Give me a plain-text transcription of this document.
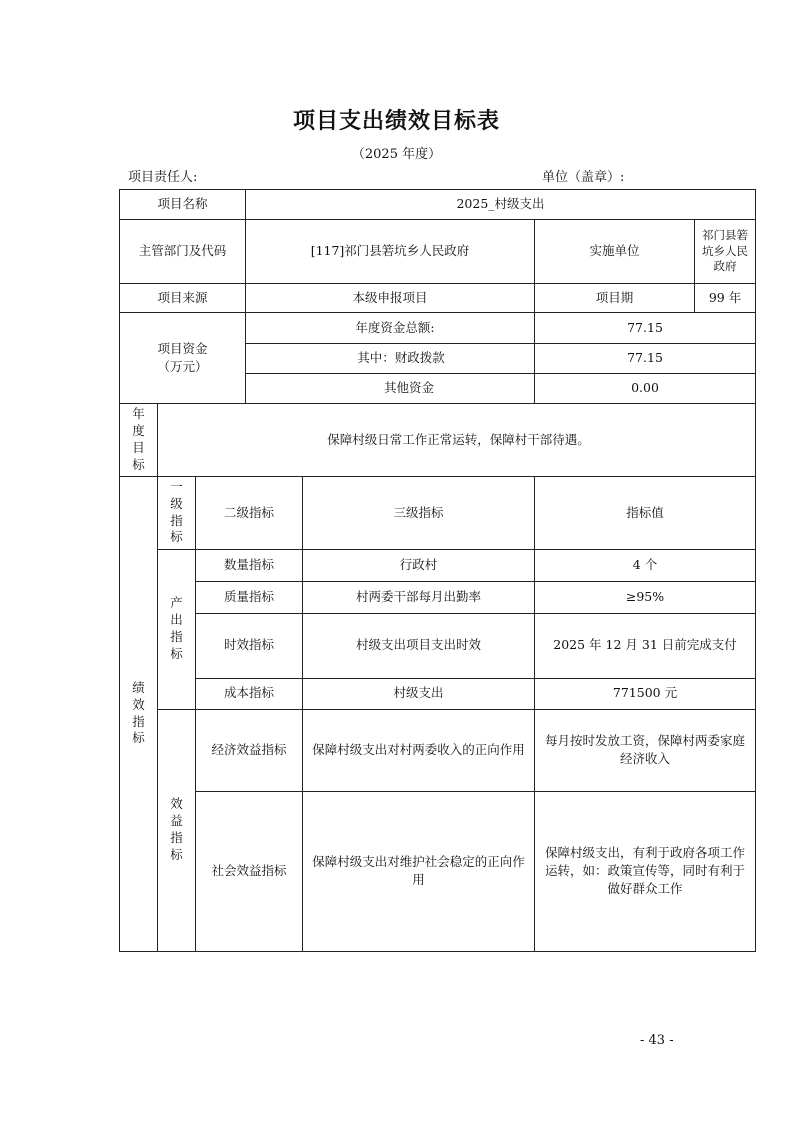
项目支出绩效目标表
（2025 年度）
项目责任人:	单位（盖章）:
项目名称			2025_村级支出			
主管部门及代码			[117]祁门县箬坑乡人民政府		实施单位	祁门县箬坑乡人民政府
项目来源			本级申报项目		项目期	99 年

项目资金
（万元）			年度资金总额:		77.15	
			其中：财政拨款		77.15	
			其他资金		0.00	
年度目标	保障村级日常工作正常运转，保障村干部待遇。					
绩效指标	一级指标	二级指标		三级指标	指标值	
	产出指标	数量指标		行政村	4 个	
		质量指标		村两委干部每月出勤率	≥95%	
		时效指标		村级支出项目支出时效	2025 年 12 月 31 日前完成支付	
		成本指标		村级支出	771500 元	
	效益指标	经济效益指标		保障村级支出对村两委收入的正向作用	每月按时发放工资，保障村两委家庭经济收入	
		社会效益指标		保障村级支出对维护社会稳定的正向作用	保障村级支出，有利于政府各项工作运转，如：政策宣传等，同时有利于做好群众工作	
- 43 -
